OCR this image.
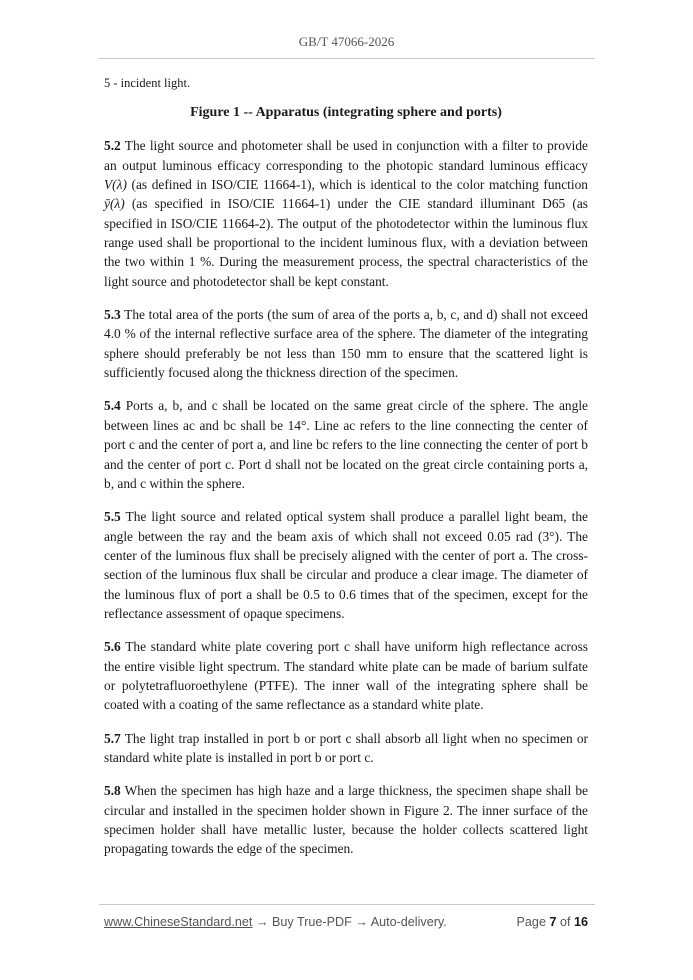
GB/T 47066-2026

5 - incident light.

Figure 1 -- Apparatus (integrating sphere and ports)

5.2 The light source and photometer shall be used in conjunction with a filter to provide an output luminous efficacy corresponding to the photopic standard luminous efficacy V(λ) (as defined in ISO/CIE 11664-1), which is identical to the color matching function ȳ(λ) (as specified in ISO/CIE 11664-1) under the CIE standard illuminant D65 (as specified in ISO/CIE 11664-2). The output of the photodetector within the luminous flux range used shall be proportional to the incident luminous flux, with a deviation between the two within 1 %. During the measurement process, the spectral characteristics of the light source and photodetector shall be kept constant.

5.3 The total area of the ports (the sum of area of the ports a, b, c, and d) shall not exceed 4.0 % of the internal reflective surface area of the sphere. The diameter of the integrating sphere should preferably be not less than 150 mm to ensure that the scattered light is sufficiently focused along the thickness direction of the specimen.

5.4 Ports a, b, and c shall be located on the same great circle of the sphere. The angle between lines ac and bc shall be 14°. Line ac refers to the line connecting the center of port c and the center of port a, and line bc refers to the line connecting the center of port b and the center of port c. Port d shall not be located on the great circle containing ports a, b, and c within the sphere.

5.5 The light source and related optical system shall produce a parallel light beam, the angle between the ray and the beam axis of which shall not exceed 0.05 rad (3°). The center of the luminous flux shall be precisely aligned with the center of port a. The cross-section of the luminous flux shall be circular and produce a clear image. The diameter of the luminous flux of port a shall be 0.5 to 0.6 times that of the specimen, except for the reflectance assessment of opaque specimens.

5.6 The standard white plate covering port c shall have uniform high reflectance across the entire visible light spectrum. The standard white plate can be made of barium sulfate or polytetrafluoroethylene (PTFE). The inner wall of the integrating sphere shall be coated with a coating of the same reflectance as a standard white plate.

5.7 The light trap installed in port b or port c shall absorb all light when no specimen or standard white plate is installed in port b or port c.

5.8 When the specimen has high haze and a large thickness, the specimen shape shall be circular and installed in the specimen holder shown in Figure 2. The inner surface of the specimen holder shall have metallic luster, because the holder collects scattered light propagating towards the edge of the specimen.

www.ChineseStandard.net → Buy True-PDF → Auto-delivery.	Page 7 of 16
